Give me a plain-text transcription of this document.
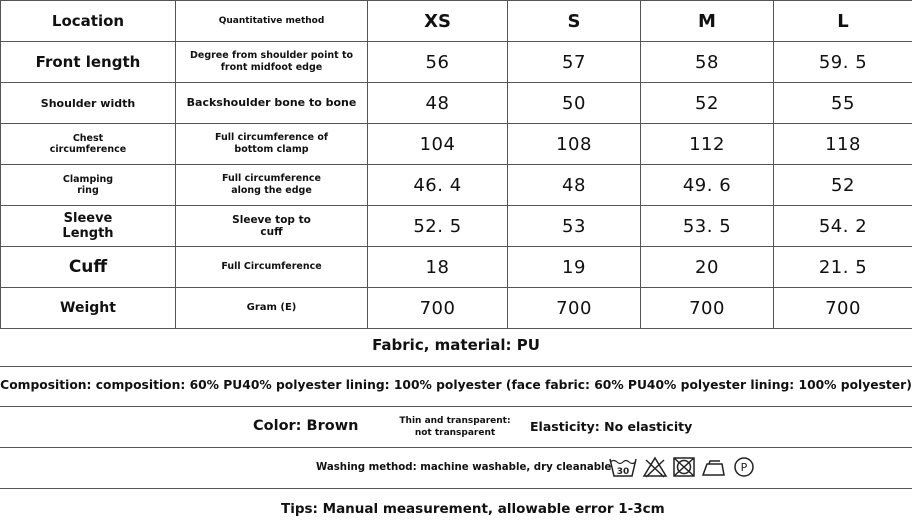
Location	Quantitative method	XS	S	M	L
Front length	Degree from shoulder point to front midfoot edge	56	57	58	59. 5
Shoulder width	Backshoulder bone to bone	48	50	52	55

Chest circumference	Full circumference of bottom clamp	104	108	112	118

Clamping ring	Full circumference along the edge	46. 4	48	49. 6	52

Sleeve Length	Sleeve top to cuff	52. 5	53	53. 5	54. 2
Cuff	Full Circumference	18	19	20	21. 5
Weight	Gram (E)	700	700	700	700
Fabric, material: PU
Composition: composition: 60% PU40% polyester lining: 100% polyester (face fabric: 60% PU40% polyester lining: 100% polyester)
Color: Brown	Thin and transparent: not transparent	Elasticity: No elasticity
Washing method: machine washable, dry cleanable 30	P
Tips: Manual measurement, allowable error 1-3cm
